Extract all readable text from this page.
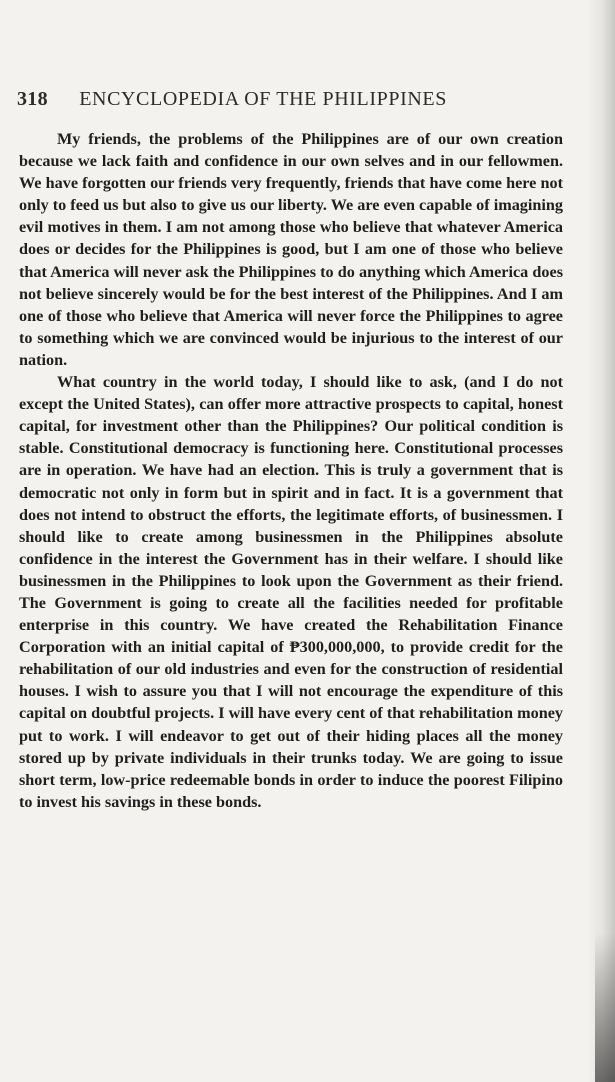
318 ENCYCLOPEDIA OF THE PHILIPPINES

My friends, the problems of the Philippines are of our own creation because we lack faith and confidence in our own selves and in our fellowmen. We have forgotten our friends very frequently, friends that have come here not only to feed us but also to give us our liberty. We are even capable of imagining evil motives in them. I am not among those who believe that whatever America does or decides for the Philippines is good, but I am one of those who believe that America will never ask the Philippines to do anything which America does not believe sincerely would be for the best interest of the Philippines. And I am one of those who believe that America will never force the Philippines to agree to something which we are convinced would be injurious to the interest of our nation.

What country in the world today, I should like to ask, (and I do not except the United States), can offer more attractive prospects to capital, honest capital, for investment other than the Philippines? Our political condition is stable. Constitutional democracy is functioning here. Constitutional processes are in operation. We have had an election. This is truly a government that is democratic not only in form but in spirit and in fact. It is a government that does not intend to obstruct the efforts, the legitimate efforts, of businessmen. I should like to create among businessmen in the Philippines absolute confidence in the interest the Government has in their welfare. I should like businessmen in the Philippines to look upon the Government as their friend. The Government is going to create all the facilities needed for profitable enterprise in this country. We have created the Rehabilitation Finance Corporation with an initial capital of ₱300,000,000, to provide credit for the rehabilitation of our old industries and even for the construction of residential houses. I wish to assure you that I will not encourage the expenditure of this capital on doubtful projects. I will have every cent of that rehabilitation money put to work. I will endeavor to get out of their hiding places all the money stored up by private individuals in their trunks today. We are going to issue short term, low-price redeemable bonds in order to induce the poorest Filipino to invest his savings in these bonds.
